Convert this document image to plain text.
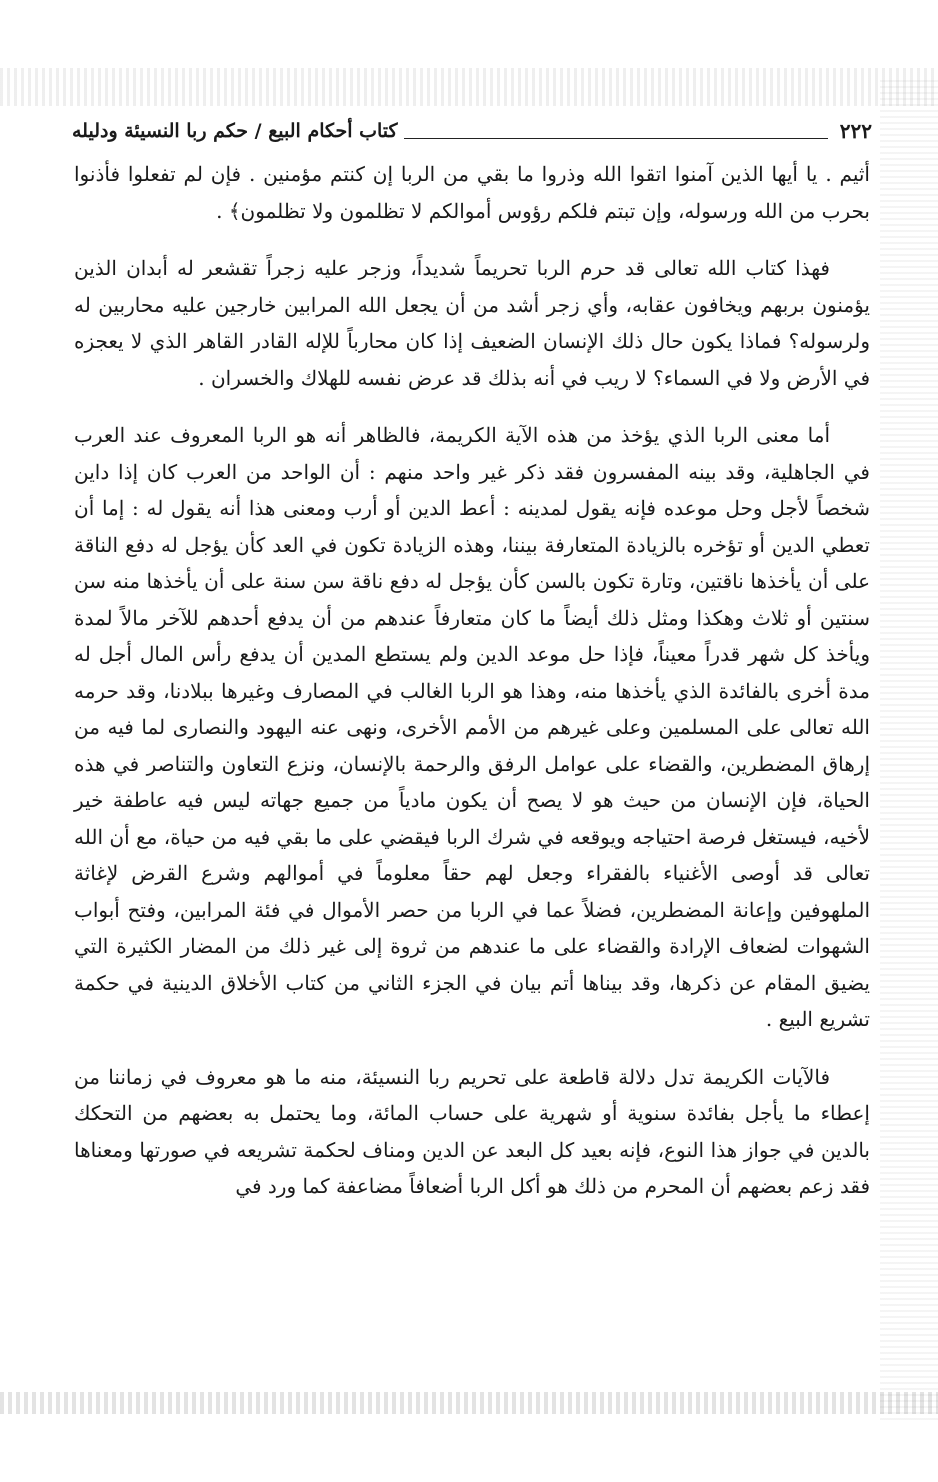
٢٢٢
كتاب أحكام البيع / حكم ربا النسيئة ودليله

أثيم . يا أيها الذين آمنوا اتقوا الله وذروا ما بقي من الربا إن كنتم مؤمنين . فإن لم تفعلوا فأذنوا بحرب من الله ورسوله، وإن تبتم فلكم رؤوس أموالكم لا تظلمون ولا تظلمون﴾ .

فهذا كتاب الله تعالى قد حرم الربا تحريماً شديداً، وزجر عليه زجراً تقشعر له أبدان الذين يؤمنون بربهم ويخافون عقابه، وأي زجر أشد من أن يجعل الله المرابين خارجين عليه محاربين له ولرسوله؟ فماذا يكون حال ذلك الإنسان الضعيف إذا كان محارباً للإله القادر القاهر الذي لا يعجزه في الأرض ولا في السماء؟ لا ريب في أنه بذلك قد عرض نفسه للهلاك والخسران .

أما معنى الربا الذي يؤخذ من هذه الآية الكريمة، فالظاهر أنه هو الربا المعروف عند العرب في الجاهلية، وقد بينه المفسرون فقد ذكر غير واحد منهم : أن الواحد من العرب كان إذا داين شخصاً لأجل وحل موعده فإنه يقول لمدينه : أعط الدين أو أرب ومعنى هذا أنه يقول له : إما أن تعطي الدين أو تؤخره بالزيادة المتعارفة بيننا، وهذه الزيادة تكون في العد كأن يؤجل له دفع الناقة على أن يأخذها ناقتين، وتارة تكون بالسن كأن يؤجل له دفع ناقة سن سنة على أن يأخذها منه سن سنتين أو ثلاث وهكذا ومثل ذلك أيضاً ما كان متعارفاً عندهم من أن يدفع أحدهم للآخر مالاً لمدة ويأخذ كل شهر قدراً معيناً، فإذا حل موعد الدين ولم يستطع المدين أن يدفع رأس المال أجل له مدة أخرى بالفائدة الذي يأخذها منه، وهذا هو الربا الغالب في المصارف وغيرها ببلادنا، وقد حرمه الله تعالى على المسلمين وعلى غيرهم من الأمم الأخرى، ونهى عنه اليهود والنصارى لما فيه من إرهاق المضطرين، والقضاء على عوامل الرفق والرحمة بالإنسان، ونزع التعاون والتناصر في هذه الحياة، فإن الإنسان من حيث هو لا يصح أن يكون مادياً من جميع جهاته ليس فيه عاطفة خير لأخيه، فيستغل فرصة احتياجه ويوقعه في شرك الربا فيقضي على ما بقي فيه من حياة، مع أن الله تعالى قد أوصى الأغنياء بالفقراء وجعل لهم حقاً معلوماً في أموالهم وشرع القرض لإغاثة الملهوفين وإعانة المضطرين، فضلاً عما في الربا من حصر الأموال في فئة المرابين، وفتح أبواب الشهوات لضعاف الإرادة والقضاء على ما عندهم من ثروة إلى غير ذلك من المضار الكثيرة التي يضيق المقام عن ذكرها، وقد بيناها أتم بيان في الجزء الثاني من كتاب الأخلاق الدينية في حكمة تشريع البيع .

فالآيات الكريمة تدل دلالة قاطعة على تحريم ربا النسيئة، منه ما هو معروف في زماننا من إعطاء ما يأجل بفائدة سنوية أو شهرية على حساب المائة، وما يحتمل به بعضهم من التحكك بالدين في جواز هذا النوع، فإنه بعيد كل البعد عن الدين ومناف لحكمة تشريعه في صورتها ومعناها فقد زعم بعضهم أن المحرم من ذلك هو أكل الربا أضعافاً مضاعفة كما ورد في
